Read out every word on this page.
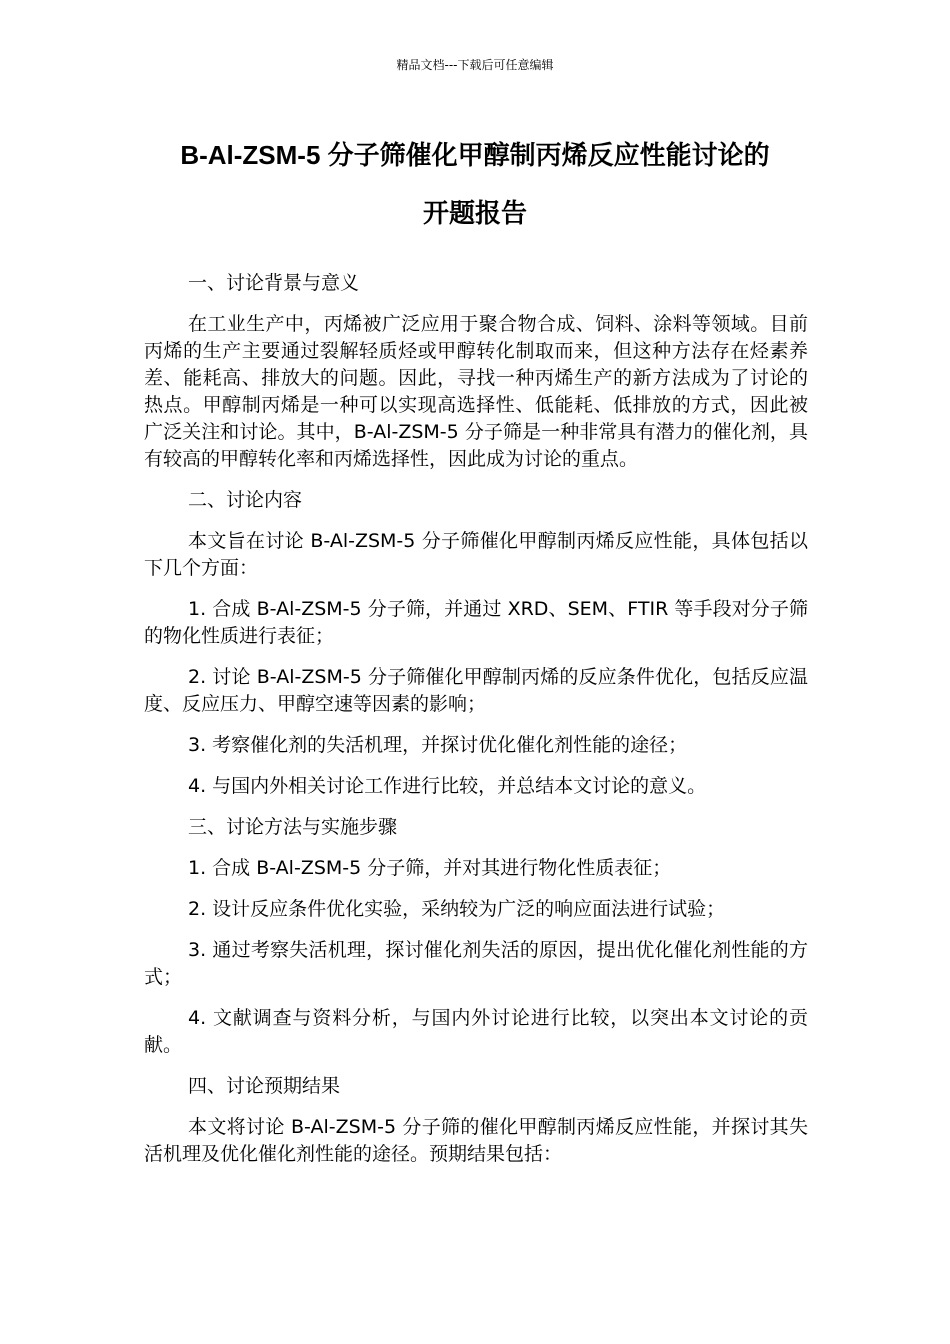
精品文档---下载后可任意编辑
B-Al-ZSM-5 分子筛催化甲醇制丙烯反应性能讨论的
开题报告

一、讨论背景与意义

在工业生产中，丙烯被广泛应用于聚合物合成、饲料、涂料等领域。目前丙烯的生产主要通过裂解轻质烃或甲醇转化制取而来，但这种方法存在烃素养差、能耗高、排放大的问题。因此，寻找一种丙烯生产的新方法成为了讨论的热点。甲醇制丙烯是一种可以实现高选择性、低能耗、低排放的方式，因此被广泛关注和讨论。其中，B-Al-ZSM-5 分子筛是一种非常具有潜力的催化剂，具有较高的甲醇转化率和丙烯选择性，因此成为讨论的重点。

二、讨论内容

本文旨在讨论 B-Al-ZSM-5 分子筛催化甲醇制丙烯反应性能，具体包括以下几个方面：

1. 合成 B-Al-ZSM-5 分子筛，并通过 XRD、SEM、FTIR 等手段对分子筛的物化性质进行表征；

2. 讨论 B-Al-ZSM-5 分子筛催化甲醇制丙烯的反应条件优化，包括反应温度、反应压力、甲醇空速等因素的影响；

3. 考察催化剂的失活机理，并探讨优化催化剂性能的途径；

4. 与国内外相关讨论工作进行比较，并总结本文讨论的意义。

三、讨论方法与实施步骤

1. 合成 B-Al-ZSM-5 分子筛，并对其进行物化性质表征；

2. 设计反应条件优化实验，采纳较为广泛的响应面法进行试验；

3. 通过考察失活机理，探讨催化剂失活的原因，提出优化催化剂性能的方式；

4. 文献调查与资料分析，与国内外讨论进行比较，以突出本文讨论的贡献。

四、讨论预期结果

本文将讨论 B-Al-ZSM-5 分子筛的催化甲醇制丙烯反应性能，并探讨其失活机理及优化催化剂性能的途径。预期结果包括：
